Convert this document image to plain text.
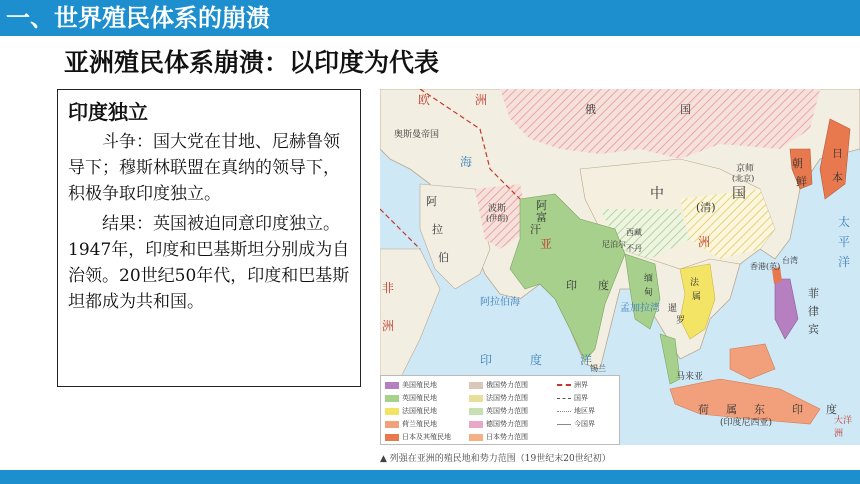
一、世界殖民体系的崩溃
亚洲殖民体系崩溃：以印度为代表
印度独立

斗争：国大党在甘地、尼赫鲁领导下；穆斯林联盟在真纳的领导下，积极争取印度独立。

结果：英国被迫同意印度独立。1947年，印度和巴基斯坦分别成为自治领。20世纪50年代，印度和巴基斯坦都成为共和国。

欧	洲
俄	国
奥斯曼帝国
阿
拉
伯
波斯
(伊朗)
阿
富
汗
亚
中	国
(清)
京师
(北京)
朝
鲜
日
本
洲
印 度
孟加拉湾
阿拉伯海
印	度	洋
马来亚
荷 属 东 印 度
(印度尼西亚)
非
洲
太
平
洋
菲
律
宾
大洋洲
缅
甸
暹
罗
法
属
香港(英)
台湾
尼泊尔
西藏
不丹
锡兰
海
美国殖民地
英国殖民地
法国殖民地
荷兰殖民地
日本及其殖民地
俄国势力范围
法国势力范围
英国势力范围
德国势力范围
日本势力范围
洲界
国界
地区界
今国界
▲ 列强在亚洲的殖民地和势力范围（19世纪末20世纪初）
